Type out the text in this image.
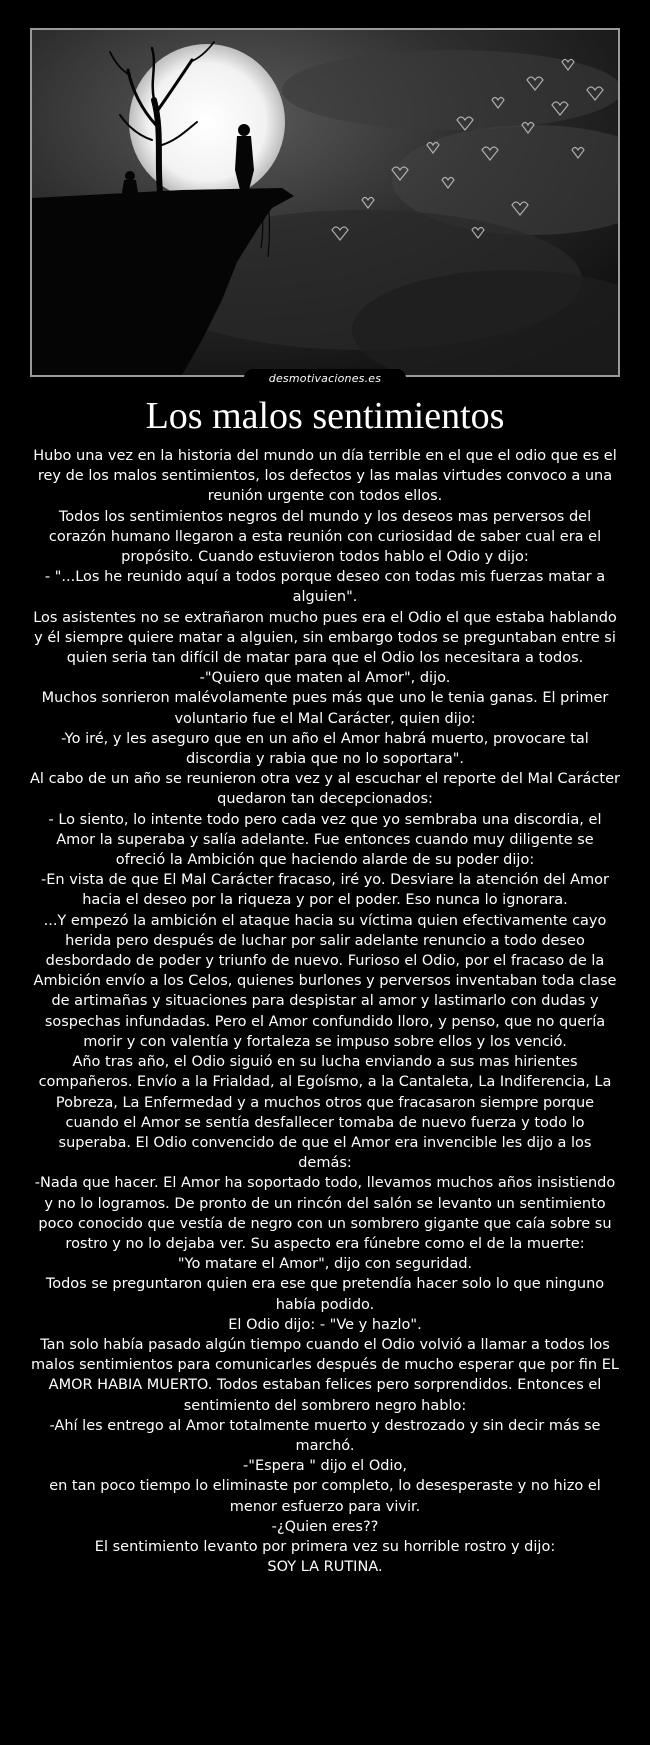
desmotivaciones.es
Los malos sentimientos

Hubo una vez en la historia del mundo un día terrible en el que el odio que es el rey de los malos sentimientos, los defectos y las malas virtudes convoco a una reunión urgente con todos ellos.

Todos los sentimientos negros del mundo y los deseos mas perversos del corazón humano llegaron a esta reunión con curiosidad de saber cual era el propósito. Cuando estuvieron todos hablo el Odio y dijo:

- "...Los he reunido aquí a todos porque deseo con todas mis fuerzas matar a alguien".

Los asistentes no se extrañaron mucho pues era el Odio el que estaba hablando y él siempre quiere matar a alguien, sin embargo todos se preguntaban entre si quien seria tan difícil de matar para que el Odio los necesitara a todos.

-"Quiero que maten al Amor", dijo.

Muchos sonrieron malévolamente pues más que uno le tenia ganas. El primer voluntario fue el Mal Carácter, quien dijo:

-Yo iré, y les aseguro que en un año el Amor habrá muerto, provocare tal discordia y rabia que no lo soportara".

Al cabo de un año se reunieron otra vez y al escuchar el reporte del Mal Carácter quedaron tan decepcionados:

- Lo siento, lo intente todo pero cada vez que yo sembraba una discordia, el Amor la superaba y salía adelante. Fue entonces cuando muy diligente se ofreció la Ambición que haciendo alarde de su poder dijo:

-En vista de que El Mal Carácter fracaso, iré yo. Desviare la atención del Amor hacia el deseo por la riqueza y por el poder. Eso nunca lo ignorara.

...Y empezó la ambición el ataque hacia su víctima quien efectivamente cayo herida pero después de luchar por salir adelante renuncio a todo deseo desbordado de poder y triunfo de nuevo. Furioso el Odio, por el fracaso de la Ambición envío a los Celos, quienes burlones y perversos inventaban toda clase de artimañas y situaciones para despistar al amor y lastimarlo con dudas y sospechas infundadas. Pero el Amor confundido lloro, y penso, que no quería morir y con valentía y fortaleza se impuso sobre ellos y los venció.

Año tras año, el Odio siguió en su lucha enviando a sus mas hirientes compañeros. Envío a la Frialdad, al Egoísmo, a la Cantaleta, La Indiferencia, La Pobreza, La Enfermedad y a muchos otros que fracasaron siempre porque cuando el Amor se sentía desfallecer tomaba de nuevo fuerza y todo lo superaba. El Odio convencido de que el Amor era invencible les dijo a los demás:

-Nada que hacer. El Amor ha soportado todo, llevamos muchos años insistiendo y no lo logramos. De pronto de un rincón del salón se levanto un sentimiento poco conocido que vestía de negro con un sombrero gigante que caía sobre su rostro y no lo dejaba ver. Su aspecto era fúnebre como el de la muerte:

"Yo matare el Amor", dijo con seguridad.

Todos se preguntaron quien era ese que pretendía hacer solo lo que ninguno había podido.

El Odio dijo: - "Ve y hazlo".

Tan solo había pasado algún tiempo cuando el Odio volvió a llamar a todos los malos sentimientos para comunicarles después de mucho esperar que por fin EL AMOR HABIA MUERTO. Todos estaban felices pero sorprendidos. Entonces el sentimiento del sombrero negro hablo:

-Ahí les entrego al Amor totalmente muerto y destrozado y sin decir más se marchó.

-"Espera " dijo el Odio,

en tan poco tiempo lo eliminaste por completo, lo desesperaste y no hizo el menor esfuerzo para vivir.

-¿Quien eres??

El sentimiento levanto por primera vez su horrible rostro y dijo:

SOY LA RUTINA.
